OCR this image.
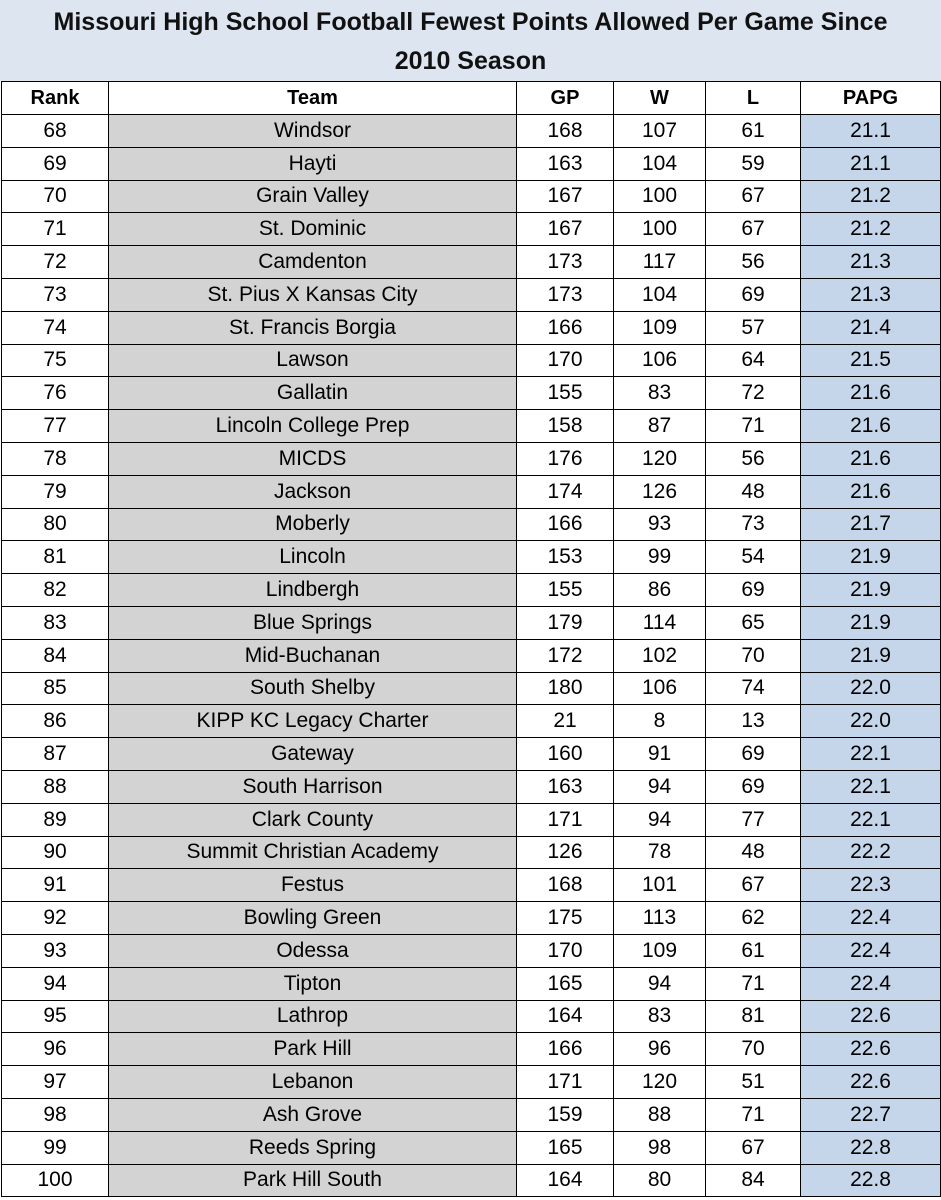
Missouri High School Football Fewest Points Allowed Per Game Since 2010 Season
Rank	Team	GP	W	L	PAPG
68	Windsor	168	107	61	21.1
69	Hayti	163	104	59	21.1
70	Grain Valley	167	100	67	21.2
71	St. Dominic	167	100	67	21.2
72	Camdenton	173	117	56	21.3
73	St. Pius X Kansas City	173	104	69	21.3
74	St. Francis Borgia	166	109	57	21.4
75	Lawson	170	106	64	21.5
76	Gallatin	155	83	72	21.6
77	Lincoln College Prep	158	87	71	21.6
78	MICDS	176	120	56	21.6
79	Jackson	174	126	48	21.6
80	Moberly	166	93	73	21.7
81	Lincoln	153	99	54	21.9
82	Lindbergh	155	86	69	21.9
83	Blue Springs	179	114	65	21.9
84	Mid-Buchanan	172	102	70	21.9
85	South Shelby	180	106	74	22.0
86	KIPP KC Legacy Charter	21	8	13	22.0
87	Gateway	160	91	69	22.1
88	South Harrison	163	94	69	22.1
89	Clark County	171	94	77	22.1
90	Summit Christian Academy	126	78	48	22.2
91	Festus	168	101	67	22.3
92	Bowling Green	175	113	62	22.4
93	Odessa	170	109	61	22.4
94	Tipton	165	94	71	22.4
95	Lathrop	164	83	81	22.6
96	Park Hill	166	96	70	22.6
97	Lebanon	171	120	51	22.6
98	Ash Grove	159	88	71	22.7
99	Reeds Spring	165	98	67	22.8
100	Park Hill South	164	80	84	22.8
